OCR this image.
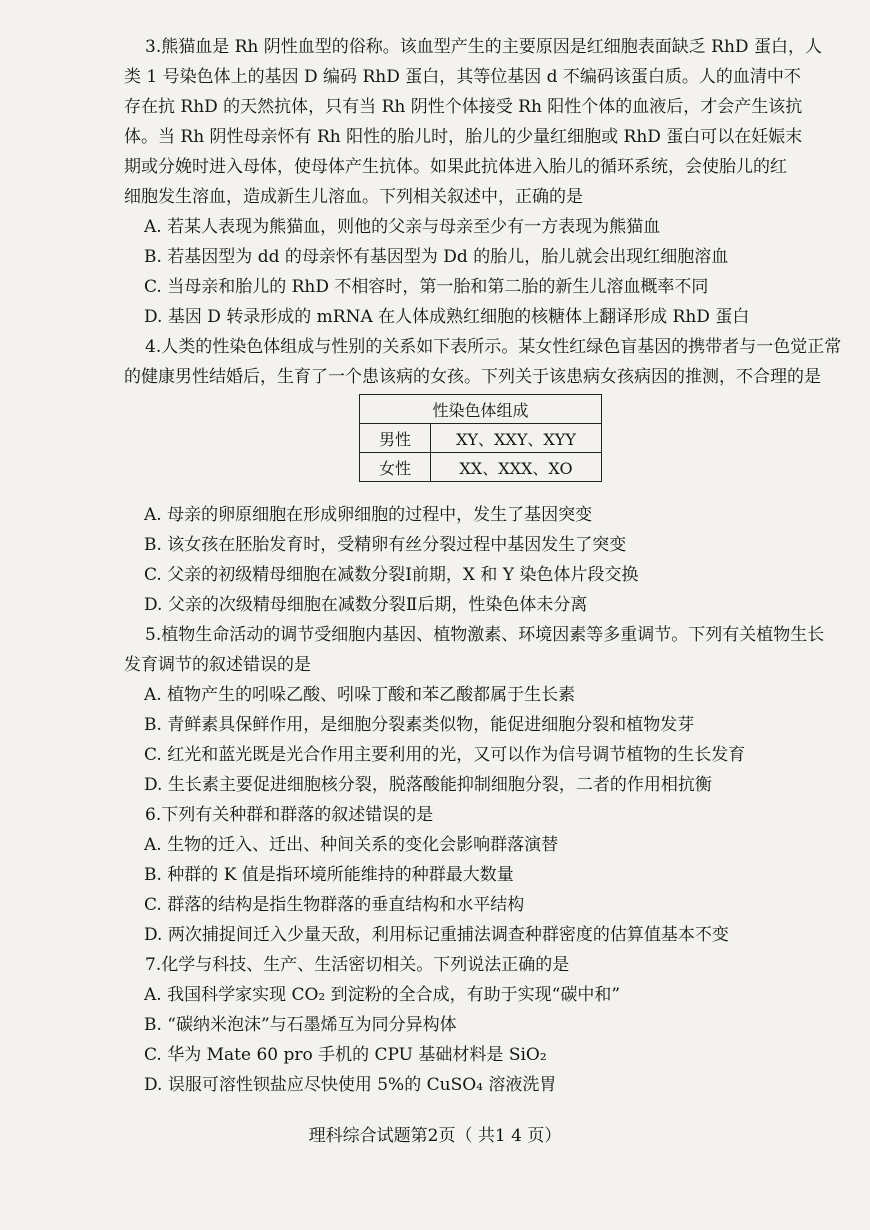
3.熊猫血是 Rh 阴性血型的俗称。该血型产生的主要原因是红细胞表面缺乏 RhD 蛋白，人
类 1 号染色体上的基因 D 编码 RhD 蛋白，其等位基因 d 不编码该蛋白质。人的血清中不
存在抗 RhD 的天然抗体，只有当 Rh 阴性个体接受 Rh 阳性个体的血液后，才会产生该抗
体。当 Rh 阴性母亲怀有 Rh 阳性的胎儿时，胎儿的少量红细胞或 RhD 蛋白可以在妊娠末
期或分娩时进入母体，使母体产生抗体。如果此抗体进入胎儿的循环系统，会使胎儿的红
细胞发生溶血，造成新生儿溶血。下列相关叙述中，正确的是
A. 若某人表现为熊猫血，则他的父亲与母亲至少有一方表现为熊猫血
B. 若基因型为 dd 的母亲怀有基因型为 Dd 的胎儿，胎儿就会出现红细胞溶血
C. 当母亲和胎儿的 RhD 不相容时，第一胎和第二胎的新生儿溶血概率不同
D. 基因 D 转录形成的 mRNA 在人体成熟红细胞的核糖体上翻译形成 RhD 蛋白
4.人类的性染色体组成与性别的关系如下表所示。某女性红绿色盲基因的携带者与一色觉正常
的健康男性结婚后，生育了一个患该病的女孩。下列关于该患病女孩病因的推测，不合理的是
性染色体组成	
男性	XY、XXY、XYY
女性	XX、XXX、XO
A. 母亲的卵原细胞在形成卵细胞的过程中，发生了基因突变
B. 该女孩在胚胎发育时，受精卵有丝分裂过程中基因发生了突变
C. 父亲的初级精母细胞在减数分裂Ⅰ前期，X 和 Y 染色体片段交换
D. 父亲的次级精母细胞在减数分裂Ⅱ后期，性染色体未分离
5.植物生命活动的调节受细胞内基因、植物激素、环境因素等多重调节。下列有关植物生长
发育调节的叙述错误的是
A. 植物产生的吲哚乙酸、吲哚丁酸和苯乙酸都属于生长素
B. 青鲜素具保鲜作用，是细胞分裂素类似物，能促进细胞分裂和植物发芽
C. 红光和蓝光既是光合作用主要利用的光，又可以作为信号调节植物的生长发育
D. 生长素主要促进细胞核分裂，脱落酸能抑制细胞分裂，二者的作用相抗衡
6.下列有关种群和群落的叙述错误的是
A. 生物的迁入、迁出、种间关系的变化会影响群落演替
B. 种群的 K 值是指环境所能维持的种群最大数量
C. 群落的结构是指生物群落的垂直结构和水平结构
D. 两次捕捉间迁入少量天敌，利用标记重捕法调查种群密度的估算值基本不变
7.化学与科技、生产、生活密切相关。下列说法正确的是
A. 我国科学家实现 CO₂ 到淀粉的全合成，有助于实现“碳中和”
B. “碳纳米泡沫”与石墨烯互为同分异构体
C. 华为 Mate 60 pro 手机的 CPU 基础材料是 SiO₂
D. 误服可溶性钡盐应尽快使用 5%的 CuSO₄ 溶液洗胃
理科综合试题第2页（ 共1 4 页）
